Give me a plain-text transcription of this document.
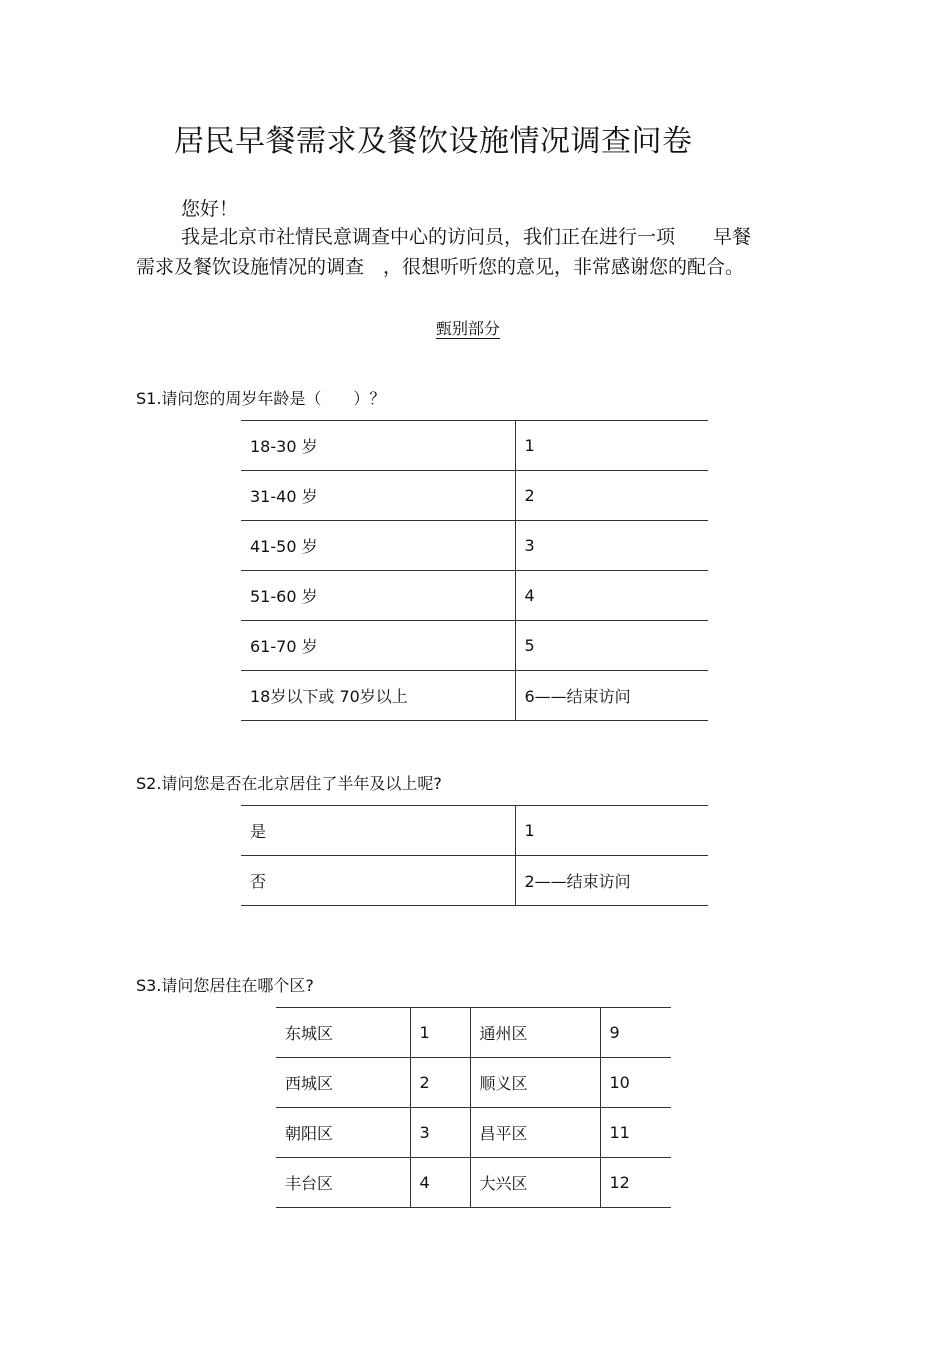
居民早餐需求及餐饮设施情况调查问卷
您好！
我是北京市社情民意调查中心的访问员，我们正在进行一项　　早餐
需求及餐饮设施情况的调查　，很想听听您的意见，非常感谢您的配合。
甄别部分
S1.请问您的周岁年龄是（　　）？
18-30 岁	1
31-40 岁	2
41-50 岁	3
51-60 岁	4
61-70 岁	5
18岁以下或 70岁以上	6——结束访问
S2.请问您是否在北京居住了半年及以上呢?
是	1
否	2——结束访问
S3.请问您居住在哪个区?
东城区	1	通州区	9
西城区	2	顺义区	10
朝阳区	3	昌平区	11
丰台区	4	大兴区	12
